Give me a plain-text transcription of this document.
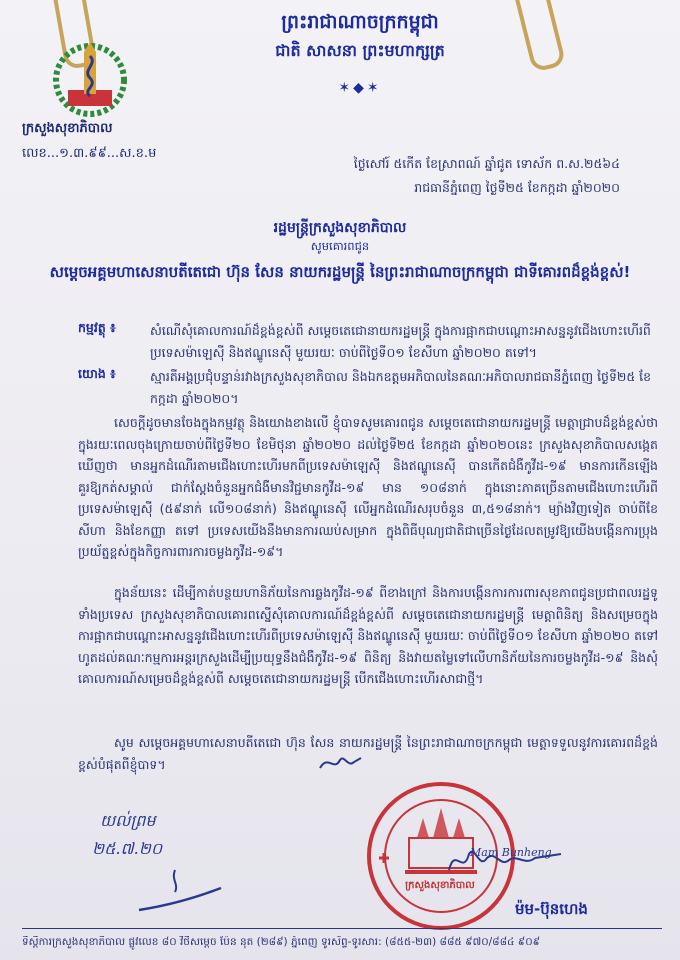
ក្រសួងសុខាភិបាល
លេខ...១.៣.៩៩...ស.ខ.ម
ព្រះរាជាណាចក្រកម្ពុជា
ជាតិ សាសនា ព្រះមហាក្សត្រ
✶◆✶
ថ្ងៃសៅរ៍ ៥កើត ខែស្រាពណ៍ ឆ្នាំជូត ទោស័ក ព.ស.២៥៦៤
រាជធានីភ្នំពេញ ថ្ងៃទី២៥ ខែកក្កដា ឆ្នាំ២០២០
រដ្ឋមន្ត្រីក្រសួងសុខាភិបាល
សូមគោរពជូន
សម្ដេចអគ្គមហាសេនាបតីតេជោ ហ៊ុន សែន នាយករដ្ឋមន្ត្រី នៃព្រះរាជាណាចក្រកម្ពុជា ជាទីគោរពដ៏ខ្ពង់ខ្ពស់!
កម្មវត្ថុ ៖	សំណើសុំគោលការណ៍ដ៏ខ្ពង់ខ្ពស់ពី សម្ដេចតេជោនាយករដ្ឋមន្ត្រី ក្នុងការផ្អាកជាបណ្ដោះអាសន្ននូវជើងហោះហើរពីប្រទេសម៉ាឡេស៊ី និងឥណ្ឌូនេស៊ី មួយរយៈ ចាប់ពីថ្ងៃទី០១ ខែសីហា ឆ្នាំ២០២០ តទៅ។
យោង ៖	ស្មារតីអង្គប្រជុំបន្ទាន់រវាងក្រសួងសុខាភិបាល និងឯកឧត្តមអភិបាលនៃគណៈអភិបាលរាជធានីភ្នំពេញ ថ្ងៃទី២៥ ខែកក្កដា ឆ្នាំ២០២០។
សេចក្ដីដូចមានចែងក្នុងកម្មវត្ថុ និងយោងខាងលើ ខ្ញុំបាទសូមគោរពជូន សម្ដេចតេជោនាយករដ្ឋមន្ត្រី មេត្តាជ្រាបដ៏ខ្ពង់ខ្ពស់ថា ក្នុងរយៈពេលចុងក្រោយចាប់ពីថ្ងៃទី២០ ខែមិថុនា ឆ្នាំ២០២០ ដល់ថ្ងៃទី២៥ ខែកក្កដា ឆ្នាំ២០២០នេះ ក្រសួងសុខាភិបាលសង្កេតឃើញថា មានអ្នកដំណើរតាមជើងហោះហើរមកពីប្រទេសម៉ាឡេស៊ី និងឥណ្ឌូនេស៊ី បានកើតជំងឺកូវីដ-១៩ មានការកើនឡើងគួរឱ្យកត់សម្គាល់ ជាក់ស្ដែងចំនួនអ្នកជំងឺមានវិជ្ជមានកូវីដ-១៩ មាន ១០៨នាក់ ក្នុងនោះភាគច្រើនតាមជើងហោះហើរពីប្រទេសម៉ាឡេស៊ី (៥៩នាក់ លើ១០៨នាក់) និងឥណ្ឌូនេស៊ី លើអ្នកដំណើរសរុបចំនួន ៣,៥១៨នាក់។ ម្យ៉ាងវិញទៀត ចាប់ពីខែសីហា និងខែកញ្ញា តទៅ ប្រទេសយើងនឹងមានការឈប់សម្រាក ក្នុងពិធីបុណ្យជាតិជាច្រើនថ្ងៃដែលតម្រូវឱ្យយើងបង្កើនការប្រុងប្រយ័ត្នខ្ពស់ក្នុងកិច្ចការពារការចម្លងកូវីដ-១៩។
ក្នុងន័យនេះ ដើម្បីកាត់បន្ថយហានិភ័យនៃការឆ្លងកូវីដ-១៩ ពីខាងក្រៅ និងការបង្កើនការការពារសុខភាពជូនប្រជាពលរដ្ឋទូទាំងប្រទេស ក្រសួងសុខាភិបាលគោរពស្នើសុំគោលការណ៍ដ៏ខ្ពង់ខ្ពស់ពី សម្ដេចតេជោនាយករដ្ឋមន្ត្រី មេត្តាពិនិត្យ និងសម្រេចក្នុងការផ្អាកជាបណ្ដោះអាសន្ននូវជើងហោះហើរពីប្រទេសម៉ាឡេស៊ី និងឥណ្ឌូនេស៊ី មួយរយៈ ចាប់ពីថ្ងៃទី០១ ខែសីហា ឆ្នាំ២០២០ តទៅ ហូតដល់គណៈកម្មការអន្តរក្រសួងដើម្បីប្រយុទ្ធនឹងជំងឺកូវីដ-១៩ ពិនិត្យ និងវាយតម្លៃទៅលើហានិភ័យនៃការចម្លងកូវីដ-១៩ និងសុំគោលការណ៍សម្រេចដ៏ខ្ពង់ខ្ពស់ពី សម្ដេចតេជោនាយករដ្ឋមន្ត្រី បើកជើងហោះហើរសាជាថ្មី។
សូម សម្ដេចអគ្គមហាសេនាបតីតេជោ ហ៊ុន សែន នាយករដ្ឋមន្ត្រី នៃព្រះរាជាណាចក្រកម្ពុជា មេត្តាទទួលនូវការគោរពដ៏ខ្ពង់ខ្ពស់បំផុតពីខ្ញុំបាទ។
យល់ព្រម
២៥.៧.២០
ក្រសួងសុខាភិបាល
Mam Bunheng
ម៉ម-ប៊ុនហេង
ទីស្ដីការក្រសួងសុខាភិបាល ផ្លូវលេខ ៨០ វិថីសម្ដេច ប៉ែន នុត (២៨៩) ភ្នំពេញ ទូរស័ព្ទ-ទូរសារ: (៨៥៥-២៣) ៨៨៥ ៩៧០/៨៨៤ ៩០៩
